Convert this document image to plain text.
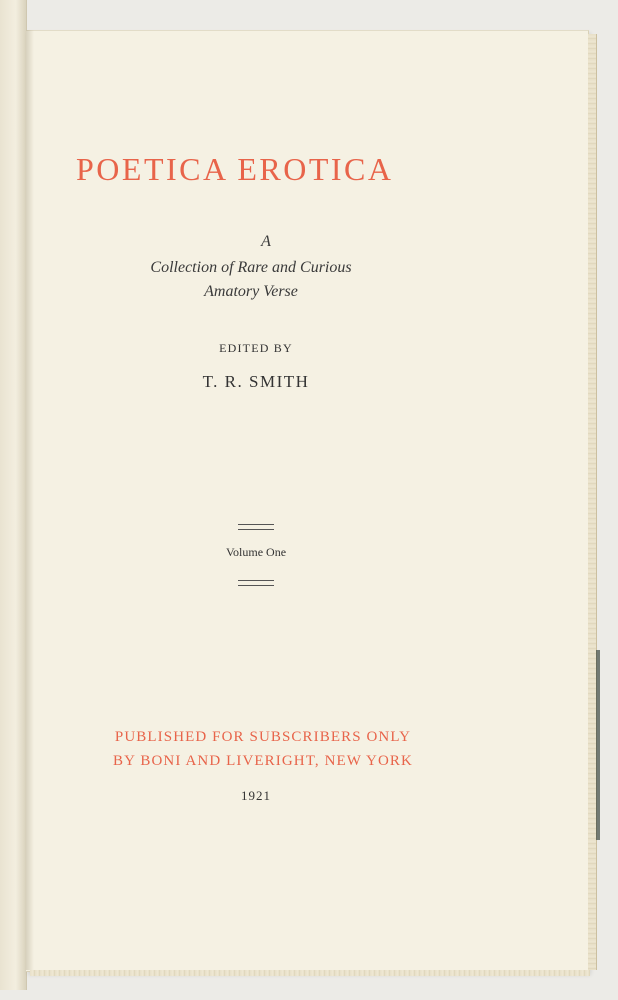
POETICA EROTICA
A
Collection of Rare and Curious
Amatory Verse
EDITED BY
T. R. SMITH
Volume One
PUBLISHED FOR SUBSCRIBERS ONLY
BY BONI AND LIVERIGHT, NEW YORK
1921
